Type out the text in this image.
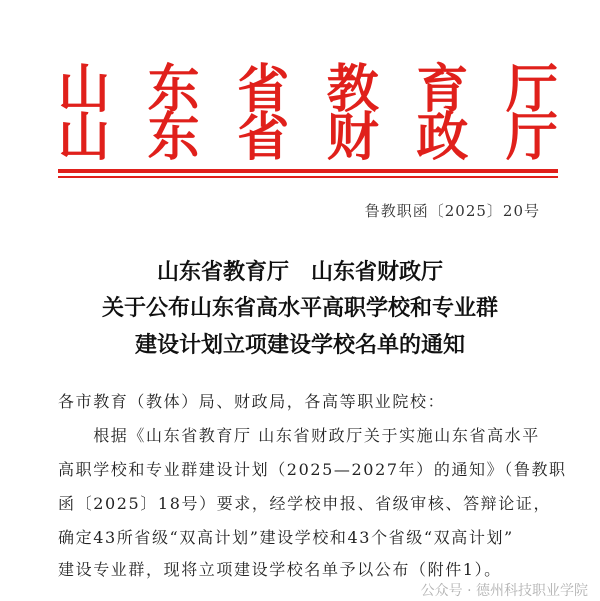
山 东 省 教 育 厅
山 东 省 财 政 厅
鲁教职函〔2025〕20号
山东省教育厅　山东省财政厅
关于公布山东省高水平高职学校和专业群
建设计划立项建设学校名单的通知
各市教育（教体）局、财政局，各高等职业院校：
　　根据《山东省教育厅 山东省财政厅关于实施山东省高水平
高职学校和专业群建设计划（2025—2027年）的通知》（鲁教职
函〔2025〕18号）要求，经学校申报、省级审核、答辩论证，
确定43所省级“双高计划”建设学校和43个省级“双高计划”
建设专业群，现将立项建设学校名单予以公布（附件1）。
公众号 · 德州科技职业学院
